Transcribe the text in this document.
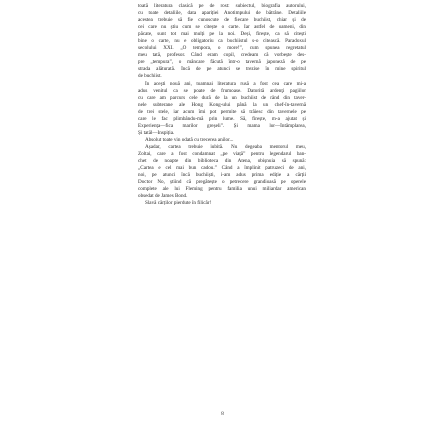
toată literatura clasică pe de rost: subiectul, biografia autorului,
cu toate detaliile, data apariției Anotimpului de bătrâne. Detaliile
acestea trebuie să fie cunoscute de fiecare buchiist, chiar și de
cei care nu știu cum se citește o carte. Iar astfel de oameni, din
păcate, sunt tot mai mulți pe la noi. Deși, firește, ca să citești
bine o carte, nu e obligatoriu ca buchiistul s-o citească. Paradoxul
secolului XXI. „O tempora, o more!”, cum spunea regretatul
meu tată, profesor. Când eram copil, credeam că vorbește des-
pre „tempura”, o mâncare făcută într-o tavernă japoneză de pe
strada alăturată. Încă de pe atunci se trezise în mine spiritul
de buchiist.

În aceşti nouă ani, toamnai literatura rusă a fost cea care mi-a
adus venitul ca se poate de frumoase. Datorită ardenţi pagiilor
cu care am parcurs cele dură de la un buchiist de rând din taver-
nele subterane ale Hong Kong-ului până la un chef-în-tavernă
de trei stele, iar acum îmi pot permite să trăiesc din tavernele pe
care le fac plimbându-mă prin lume. Să, firește, m-a ajutat și
Experiența—fica marilor greșeli”. Și mama lor—Întâmplarea,
Și tatăl—Inspiția.

Absolut toate vin odată cu trecerea anilor...

Așadar, cartea trebuie iubită. Nu degeaba mentorul meu,
Zoltai, care a fost condamnat „pe viață” pentru legendarul ban-
chet de noapte din biblioteca din Atena, obișnuia să spună:
„Cartea e cel mai bun cadou.” Când a împlinit patruzeci de ani,
noi, pe atunci încă buchiiști, i-am adus prima ediție a cărții
Doctor No, știind că pregătește o petrecere grandioasă pe operele
complete ale lui Fleming pentru familia unui miliardar american
obsedat de James Bond.

Slavă cărților pierdute în filicăr!

8
